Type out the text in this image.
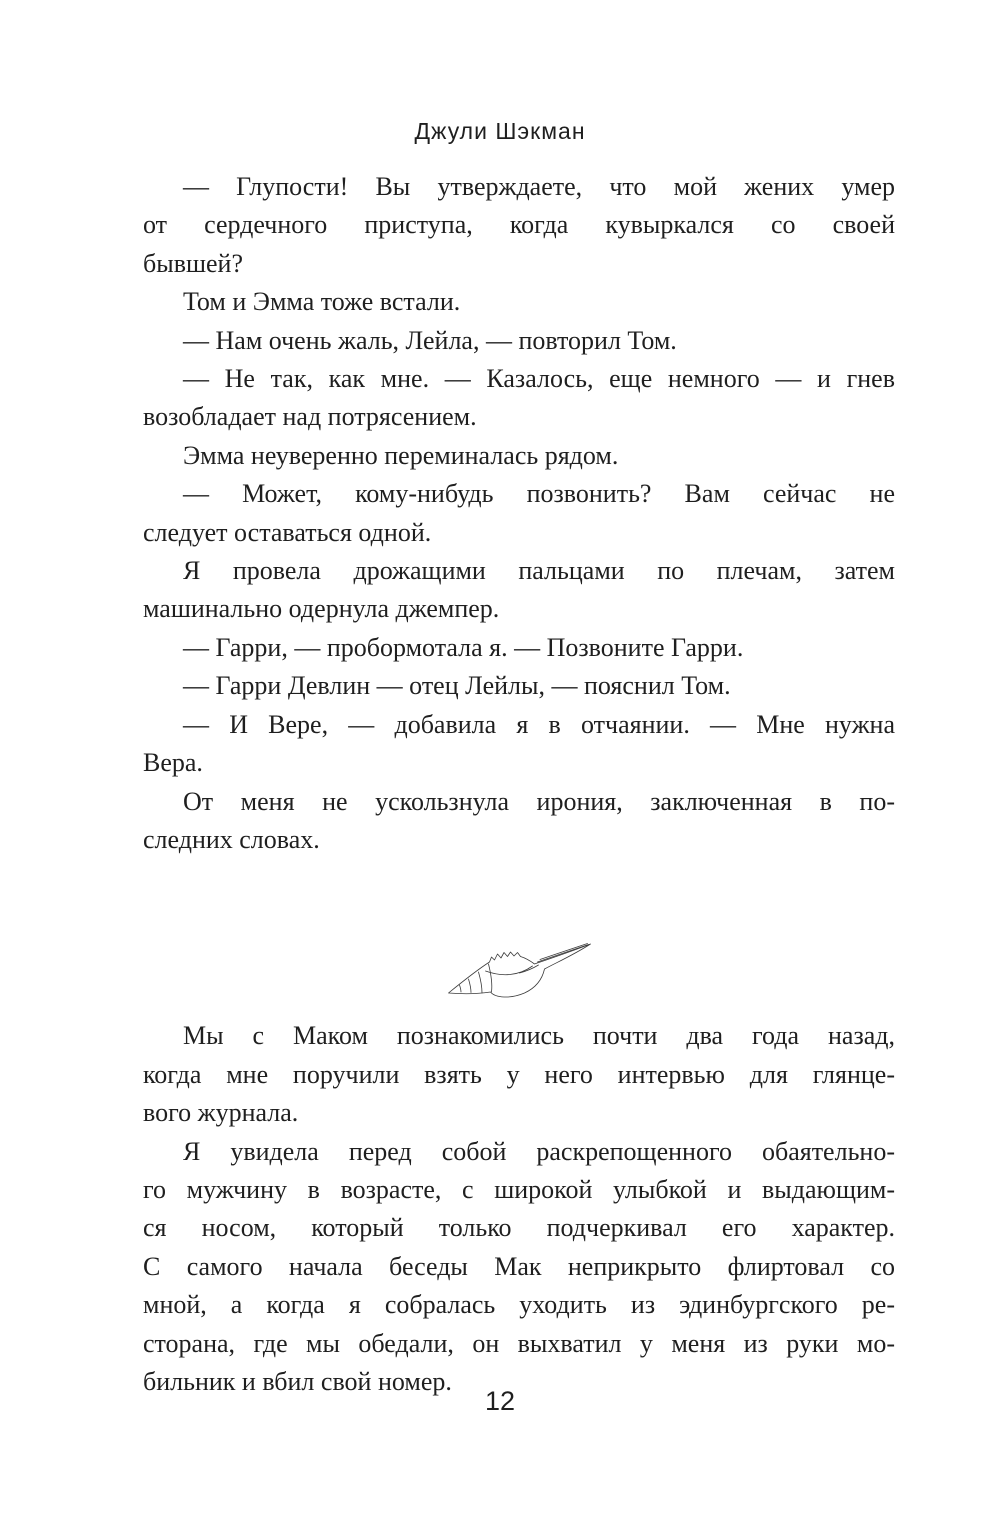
Джули Шэкман
— Глупости! Вы утверждаете, что мой жених умер
от сердечного приступа, когда кувыркался со своей
бывшей?
Том и Эмма тоже встали.
— Нам очень жаль, Лейла, — повторил Том.
— Не так, как мне. — Казалось, еще немного — и гнев
возобладает над потрясением.
Эмма неуверенно переминалась рядом.
— Может, кому-нибудь позвонить? Вам сейчас не
следует оставаться одной.
Я провела дрожащими пальцами по плечам, затем
машинально одернула джемпер.
— Гарри, — пробормотала я. — Позвоните Гарри.
— Гарри Девлин — отец Лейлы, — пояснил Том.
— И Вере, — добавила я в отчаянии. — Мне нужна
Вера.
От меня не ускользнула ирония, заключенная в по-
следних словах.
Мы с Маком познакомились почти два года назад,
когда мне поручили взять у него интервью для глянце-
вого журнала.
Я увидела перед собой раскрепощенного обаятельно-
го мужчину в возрасте, с широкой улыбкой и выдающим-
ся носом, который только подчеркивал его характер.
С самого начала беседы Мак неприкрыто флиртовал со
мной, а когда я собралась уходить из эдинбургского ре-
сторана, где мы обедали, он выхватил у меня из руки мо-
бильник и вбил свой номер.
12
